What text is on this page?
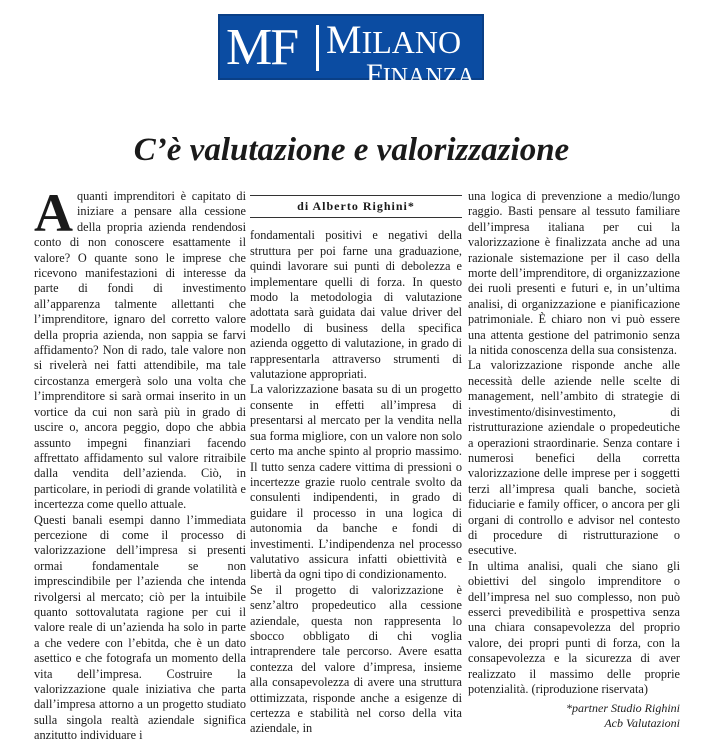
MF MILANO
FINANZA
C’è valutazione e valorizzazione

Aquanti imprenditori è capitato di iniziare a pensare alla cessione della propria azienda rendendosi conto di non conoscere esattamente il valore? O quante sono le imprese che ricevono manifestazioni di interesse da parte di fondi di investimento all’apparenza talmente allettanti che l’imprenditore, ignaro del corretto valore della propria azienda, non sappia se farvi affidamento? Non di rado, tale valore non si rivelerà nei fatti attendibile, ma tale circostanza emergerà solo una volta che l’imprenditore si sarà ormai inserito in un vortice da cui non sarà più in grado di uscire o, ancora peggio, dopo che abbia assunto impegni finanziari facendo affrettato affidamento sul valore ritraibile dalla vendita dell’azienda. Ciò, in particolare, in periodi di grande volatilità e incertezza come quello attuale.

Questi banali esempi danno l’immediata percezione di come il processo di valorizzazione dell’impresa si presenti ormai fondamentale se non imprescindibile per l’azienda che intenda rivolgersi al mercato; ciò per la intuibile quanto sottovalutata ragione per cui il valore reale di un’azienda ha solo in parte a che vedere con l’ebitda, che è un dato asettico e che fotografa un momento della vita dell’impresa. Costruire la valorizzazione quale iniziativa che parta dall’impresa attorno a un progetto studiato sulla singola realtà aziendale significa anzitutto individuare i

di Alberto Righini*

fondamentali positivi e negativi della struttura per poi farne una graduazione, quindi lavorare sui punti di debolezza e implementare quelli di forza. In questo modo la metodologia di valutazione adottata sarà guidata dai value driver del modello di business della specifica azienda oggetto di valutazione, in grado di rappresentarla attraverso strumenti di valutazione appropriati.

La valorizzazione basata su di un progetto consente in effetti all’impresa di presentarsi al mercato per la vendita nella sua forma migliore, con un valore non solo certo ma anche spinto al proprio massimo. Il tutto senza cadere vittima di pressioni o incertezze grazie ruolo centrale svolto da consulenti indipendenti, in grado di guidare il processo in una logica di autonomia da banche e fondi di investimenti. L’indipendenza nel processo valutativo assicura infatti obiettività e libertà da ogni tipo di condizionamento.

Se il progetto di valorizzazione è senz’altro propedeutico alla cessione aziendale, questa non rappresenta lo sbocco obbligato di chi voglia intraprendere tale percorso. Avere esatta contezza del valore d’impresa, insieme alla consapevolezza di avere una struttura ottimizzata, risponde anche a esigenze di certezza e stabilità nel corso della vita aziendale, in

una logica di prevenzione a medio/lungo raggio. Basti pensare al tessuto familiare dell’impresa italiana per cui la valorizzazione è finalizzata anche ad una razionale sistemazione per il caso della morte dell’imprenditore, di organizzazione dei ruoli presenti e futuri e, in un’ultima analisi, di organizzazione e pianificazione patrimoniale. È chiaro non vi può essere una attenta gestione del patrimonio senza la nitida conoscenza della sua consistenza.

La valorizzazione risponde anche alle necessità delle aziende nelle scelte di management, nell’ambito di strategie di investimento/disinvestimento, di ristrutturazione aziendale o propedeutiche a operazioni straordinarie. Senza contare i numerosi benefici della corretta valorizzazione delle imprese per i soggetti terzi all’impresa quali banche, società fiduciarie e family officer, o ancora per gli organi di controllo e advisor nel contesto di procedure di ristrutturazione o esecutive.

In ultima analisi, quali che siano gli obiettivi del singolo imprenditore o dell’impresa nel suo complesso, non può esserci prevedibilità e prospettiva senza una chiara consapevolezza del proprio valore, dei propri punti di forza, con la consapevolezza e la sicurezza di aver realizzato il massimo delle proprie potenzialità. (riproduzione riservata)

*partner Studio Righini
Acb Valutazioni
